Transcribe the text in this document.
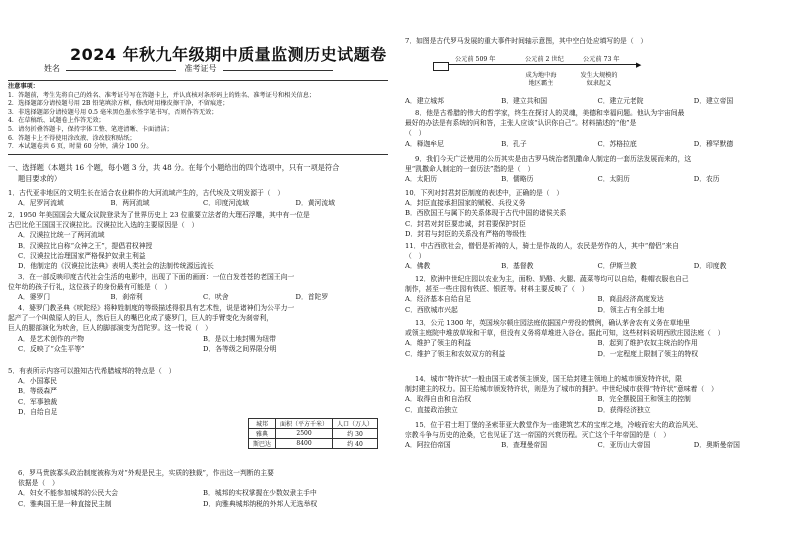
2024 年秋九年级期中质量监测历史试题卷
姓名	准考证号
注意事项：
1．答题前，考生先将自己的姓名、准考证号写在答题卡上，并认真核对条形码上的姓名、准考证号和相关信息；
2．选择题部分请按题号用 2B 铅笔填涂方框，修改时用橡皮擦干净，不留痕迹；
3．非选择题部分请按题号用 0.5 毫米黑色墨水签字笔书写，否则作答无效；
4．在草稿纸、试题卷上作答无效；
5．请勿折叠答题卡，保持字体工整、笔迹清晰、卡面清洁；
6．答题卡上不得使用涂改液、涂改胶和贴纸；
7．本试题卷共 6 页，时量 60 分钟，满分 100 分。
一、选择题（本题共 16 个题，每小题 3 分，共 48 分。在每个小题给出的四个选项中，只有一项是符合
题目要求的）
1．古代亚非地区的文明生长在适合农业耕作的大河流域产生的，古代埃及文明发源于（　）
A．尼罗河流域	B．两河流域	C．印度河流域	D．黄河流域
2．1950 年美国国会大厦众议院登录为了世界历史上 23 位重要立法者的大理石浮雕，其中有一位是
古巴比伦王国国王汉谟拉比。汉谟拉比入选的主要原因是（　）
A．汉谟拉比统一了两河流域
B．汉谟拉比自称“众神之王”，提倡君权神授
C．汉谟拉比治理国家严格保护奴隶主利益
D．他制定的《汉谟拉比法典》表明人类社会的法制传统源远流长
3．在一部反映印度古代社会生活的电影中，出现了下面的画面：一位白发苍苍的老国王向一
位年幼的孩子行礼，这位孩子的身份最有可能是（　）
A．婆罗门	B．刹帝利	C．吠舍	D．首陀罗
4．婆罗门教圣典《吠陀经》将种姓制度的等级描述得很具有艺术性，说是诸神们为公平力一
起产了一个叫做原人的巨人，然后巨人的嘴巴化成了婆罗门，巨人的手臂变化为刹帝利，
巨人的腿部演化为吠舍，巨人的脚部演变为首陀罗。这一传说（　）
A．是艺术创作的产物	B．是以土地封赐为纽带
C．反映了“众生平等”	D．各等级之间界限分明
5．有表所示内容可以推知古代希腊城邦的特点是（　）
A．小国寡民
B．等级森严
C．军事独裁
D．自给自足
城邦	面积（平方千米）	人口（万人）
雅典	2500	约 30
斯巴达	8400	约 40
6．罗马贵族寡头政治制度被称为对“外观是民主，实质的独裁”，作出这一判断的主要
依据是（　）
A．妇女不能参加城邦的公民大会	B．城邦的实权掌握在少数奴隶主手中
C．雅典国王是一种直接民主制	D．向雅典城邦纳税的外邦人无选举权
7．如图是古代罗马发展的重大事件时间轴示意图，其中空白处应填写的是（　）
▶
公元前 509 年	公元前 2 世纪	公元前 73 年
成为地中海
地区霸主
发生大规模的
奴隶起义
A．建立城邦	B．建立共和国	C．建立元老院	D．建立帝国
8．他是古希腊的伟大的哲学家，终生在探讨人的灵魂，美德和幸福问题。他认为宇宙间最
最好的办法是有系统的问和答，主张人应该“认识你自己”。材料描述的“他”是
（　）
A．释迦牟尼	B．孔子	C．苏格拉底	D．穆罕默德
9．我们今天广泛使用的公历其实是由古罗马统治者凯撒命人制定的一套历法发展而来的，这
里“凯撒命人制定的一套历法”指的是（　）
A．太阳历	B．儒略历	C．太阴历	D．农历
10．下列对封君封臣制度的表述中，正确的是（　）
A．封臣直接承担国家的赋税、兵役义务
B．西欧国王与属下的关系体现于古代中国的诸侯关系
C．封君对封臣要忠诚，封君要保护封臣
D．封君与封臣的关系没有严格的等级性
11．中古西欧社会，僧侣是祈祷的人，骑士是作战的人，农民是劳作的人，其中“僧侣”来自
（　）
A．佛教	B．基督教	C．伊斯兰教	D．印度教
12．欧洲中世纪庄园以农业为主，面粉、奶酪、火腿、蔬菜等均可以自给，鞋帽衣服也自己
制作，甚至一些庄园有铁匠、银匠等。材料主要反映了（　）
A．经济基本自给自足	B．商品经济高度发达
C．西欧城市兴起	D．领主占有全部土地
13．公元 1300 年，英国埃尔顿庄园法庭依据国户劳役的惯例，确认茅舍农有义务在草地里
或领主庭院中堆放草垛和干草，但没有义务将草堆进入谷仓。据此可知，这些材料说明西欧庄园法庭（　）
A．维护了领主的利益	B．起到了维护农奴主统治的作用
C．维护了领主和农奴双方的利益	D．一定程度上限制了领主的特权
14．城市“特许状”一般由国王或者领主颁发，国王给封建主领地上的城市颁发特许状，限
制封建主的权力。国王给城市颁发特许状，则是为了城市的拥护。中世纪城市获得“特许状”意味着（　）
A．取得自由和自治权	B．完全摆脱国王和领主的控制
C．直接政治独立	D．获得经济独立
15．位于君士坦丁堡的圣索菲亚大教堂作为一座建筑艺术的宝库之地，冷峻而宏大的政治风光、
宗教斗争与历史的沧桑，它也见证了这一帝国的兴衰历程。灭亡这个千年帝国的是（　）
A．阿拉伯帝国	B．查理曼帝国	C．亚历山大帝国	D．奥斯曼帝国
